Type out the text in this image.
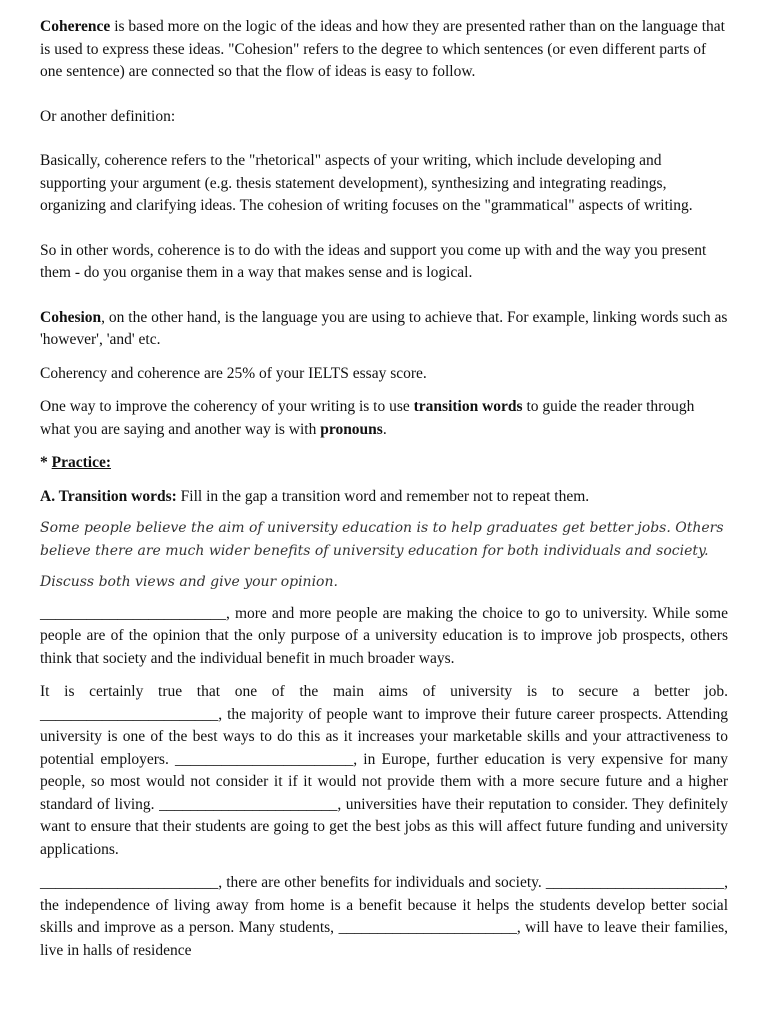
Coherence is based more on the logic of the ideas and how they are presented rather than on the language that is used to express these ideas. "Cohesion" refers to the degree to which sentences (or even different parts of one sentence) are connected so that the flow of ideas is easy to follow.

Or another definition:

Basically, coherence refers to the "rhetorical" aspects of your writing, which include developing and supporting your argument (e.g. thesis statement development), synthesizing and integrating readings, organizing and clarifying ideas. The cohesion of writing focuses on the "grammatical" aspects of writing.

So in other words, coherence is to do with the ideas and support you come up with and the way you present them - do you organise them in a way that makes sense and is logical.

Cohesion, on the other hand, is the language you are using to achieve that. For example, linking words such as 'however', 'and' etc.

Coherency and coherence are 25% of your IELTS essay score.

One way to improve the coherency of your writing is to use transition words to guide the reader through what you are saying and another way is with pronouns.

* Practice:

A. Transition words: Fill in the gap a transition word and remember not to repeat them.

Some people believe the aim of university education is to help graduates get better jobs. Others believe there are much wider benefits of university education for both individuals and society.

Discuss both views and give your opinion.

________________________, more and more people are making the choice to go to university. While some people are of the opinion that the only purpose of a university education is to improve job prospects, others think that society and the individual benefit in much broader ways.

It is certainly true that one of the main aims of university is to secure a better job. _______________________, the majority of people want to improve their future career prospects. Attending university is one of the best ways to do this as it increases your marketable skills and your attractiveness to potential employers. _______________________, in Europe, further education is very expensive for many people, so most would not consider it if it would not provide them with a more secure future and a higher standard of living. _______________________, universities have their reputation to consider. They definitely want to ensure that their students are going to get the best jobs as this will affect future funding and university applications.

_______________________, there are other benefits for individuals and society. _______________________, the independence of living away from home is a benefit because it helps the students develop better social skills and improve as a person. Many students, _______________________, will have to leave their families, live in halls of residence
